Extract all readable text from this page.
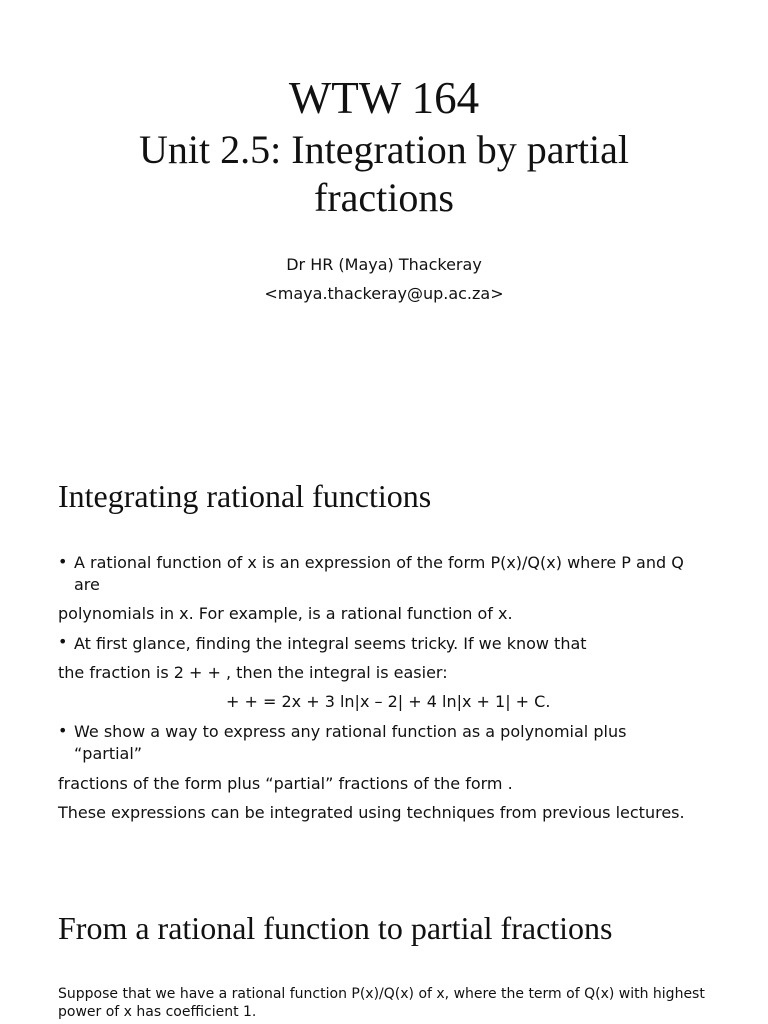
WTW 164
Unit 2.5: Integration by partial
fractions
Dr HR (Maya) Thackeray
<maya.thackeray@up.ac.za>
Integrating rational functions
• A rational function of x is an expression of the form P(x)/Q(x) where P and Q

are

polynomials in x. For example, is a rational function of x.

• At first glance, finding the integral seems tricky. If we know that

the fraction is 2 + + , then the integral is easier:

+ + = 2x + 3 ln|x – 2| + 4 ln|x + 1| + C.

• We show a way to express any rational function as a polynomial plus

“partial”

fractions of the form plus “partial” fractions of the form .

These expressions can be integrated using techniques from previous lectures.

From a rational function to partial fractions

Suppose that we have a rational function P(x)/Q(x) of x, where the term of Q(x) with highest

power of x has coefficient 1.
